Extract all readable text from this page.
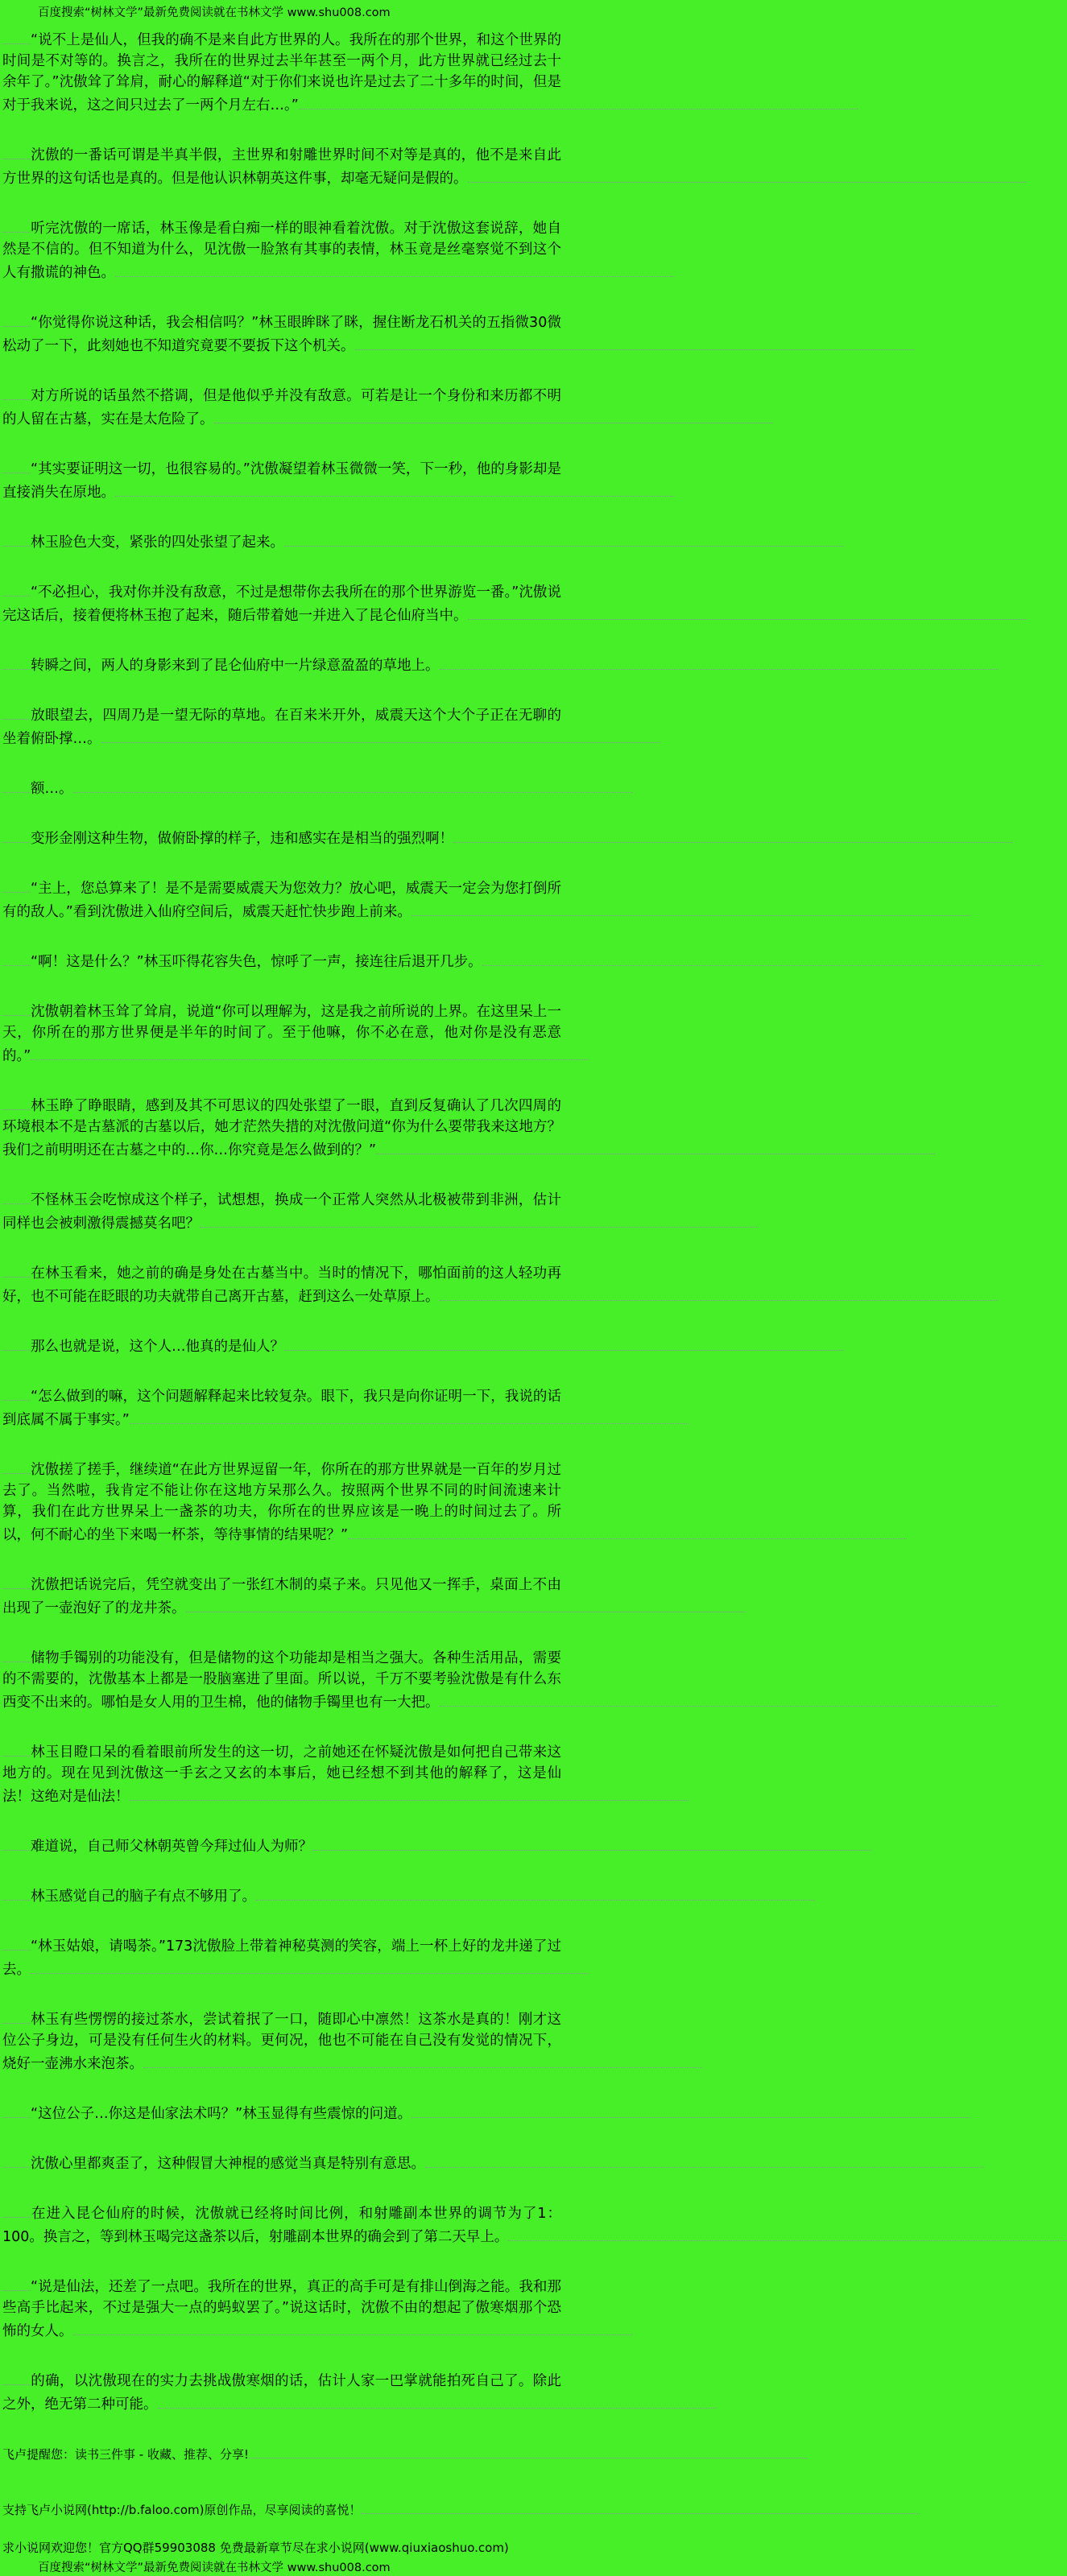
百度搜索“树林文学”最新免费阅读就在书林文学 www.shu008.com
“说不上是仙人，但我的确不是来自此方世界的人。我所在的那个世界，和这个世界的时间是不对等的。换言之，我所在的世界过去半年甚至一两个月，此方世界就已经过去十余年了。”沈傲耸了耸肩，耐心的解释道“对于你们来说也许是过去了二十多年的时间，但是对于我来说，这之间只过去了一两个月左右…。”
沈傲的一番话可谓是半真半假，主世界和射雕世界时间不对等是真的，他不是来自此方世界的这句话也是真的。但是他认识林朝英这件事，却毫无疑问是假的。
听完沈傲的一席话，林玉像是看白痴一样的眼神看着沈傲。对于沈傲这套说辞，她自然是不信的。但不知道为什么，见沈傲一脸煞有其事的表情，林玉竟是丝毫察觉不到这个人有撒谎的神色。
“你觉得你说这种话，我会相信吗？”林玉眼眸眯了眯，握住断龙石机关的五指微30微松动了一下，此刻她也不知道究竟要不要扳下这个机关。
对方所说的话虽然不搭调，但是他似乎并没有敌意。可若是让一个身份和来历都不明的人留在古墓，实在是太危险了。
“其实要证明这一切，也很容易的。”沈傲凝望着林玉微微一笑，下一秒，他的身影却是直接消失在原地。
林玉脸色大变，紧张的四处张望了起来。
“不必担心，我对你并没有敌意，不过是想带你去我所在的那个世界游览一番。”沈傲说完这话后，接着便将林玉抱了起来，随后带着她一并进入了昆仑仙府当中。
转瞬之间，两人的身影来到了昆仑仙府中一片绿意盈盈的草地上。
放眼望去，四周乃是一望无际的草地。在百来米开外，威震天这个大个子正在无聊的坐着俯卧撑…。
额…。
变形金刚这种生物，做俯卧撑的样子，违和感实在是相当的强烈啊！
“主上，您总算来了！是不是需要威震天为您效力？放心吧，威震天一定会为您打倒所有的敌人。”看到沈傲进入仙府空间后，威震天赶忙快步跑上前来。
“啊！这是什么？”林玉吓得花容失色，惊呼了一声，接连往后退开几步。
沈傲朝着林玉耸了耸肩，说道“你可以理解为，这是我之前所说的上界。在这里呆上一天，你所在的那方世界便是半年的时间了。至于他嘛，你不必在意，他对你是没有恶意的。”
林玉睁了睁眼睛，感到及其不可思议的四处张望了一眼，直到反复确认了几次四周的环境根本不是古墓派的古墓以后，她才茫然失措的对沈傲问道“你为什么要带我来这地方？我们之前明明还在古墓之中的…你…你究竟是怎么做到的？”
不怪林玉会吃惊成这个样子，试想想，换成一个正常人突然从北极被带到非洲，估计同样也会被刺激得震撼莫名吧？
在林玉看来，她之前的确是身处在古墓当中。当时的情况下，哪怕面前的这人轻功再好，也不可能在眨眼的功夫就带自己离开古墓，赶到这么一处草原上。
那么也就是说，这个人…他真的是仙人？
“怎么做到的嘛，这个问题解释起来比较复杂。眼下，我只是向你证明一下，我说的话到底属不属于事实。”
沈傲搓了搓手，继续道“在此方世界逗留一年，你所在的那方世界就是一百年的岁月过去了。当然啦，我肯定不能让你在这地方呆那么久。按照两个世界不同的时间流速来计算，我们在此方世界呆上一盏茶的功夫，你所在的世界应该是一晚上的时间过去了。所以，何不耐心的坐下来喝一杯茶，等待事情的结果呢？”
沈傲把话说完后，凭空就变出了一张红木制的桌子来。只见他又一挥手，桌面上不由出现了一壶泡好了的龙井茶。
储物手镯别的功能没有，但是储物的这个功能却是相当之强大。各种生活用品，需要的不需要的，沈傲基本上都是一股脑塞进了里面。所以说，千万不要考验沈傲是有什么东西变不出来的。哪怕是女人用的卫生棉，他的储物手镯里也有一大把。
林玉目瞪口呆的看着眼前所发生的这一切，之前她还在怀疑沈傲是如何把自己带来这地方的。现在见到沈傲这一手玄之又玄的本事后，她已经想不到其他的解释了，这是仙法！这绝对是仙法！
难道说，自己师父林朝英曾今拜过仙人为师？
林玉感觉自己的脑子有点不够用了。
“林玉姑娘，请喝茶。”173沈傲脸上带着神秘莫测的笑容，端上一杯上好的龙井递了过去。
林玉有些愣愣的接过茶水，尝试着抿了一口，随即心中凛然！这茶水是真的！刚才这位公子身边，可是没有任何生火的材料。更何况，他也不可能在自己没有发觉的情况下，烧好一壶沸水来泡茶。
“这位公子…你这是仙家法术吗？”林玉显得有些震惊的问道。
沈傲心里都爽歪了，这种假冒大神棍的感觉当真是特别有意思。
在进入昆仑仙府的时候，沈傲就已经将时间比例，和射雕副本世界的调节为了1：100。换言之，等到林玉喝完这盏茶以后，射雕副本世界的确会到了第二天早上。
“说是仙法，还差了一点吧。我所在的世界，真正的高手可是有排山倒海之能。我和那些高手比起来，不过是强大一点的蚂蚁罢了。”说这话时，沈傲不由的想起了傲寒烟那个恐怖的女人。
的确，以沈傲现在的实力去挑战傲寒烟的话，估计人家一巴掌就能拍死自己了。除此之外，绝无第二种可能。
飞卢提醒您：读书三件事 - 收藏、推荐、分享!
支持飞卢小说网(http://b.faloo.com)原创作品，尽享阅读的喜悦！
求小说网欢迎您！官方QQ群59903088 免费最新章节尽在求小说网(www.qiuxiaoshuo.com)
百度搜索“树林文学”最新免费阅读就在书林文学 www.shu008.com
